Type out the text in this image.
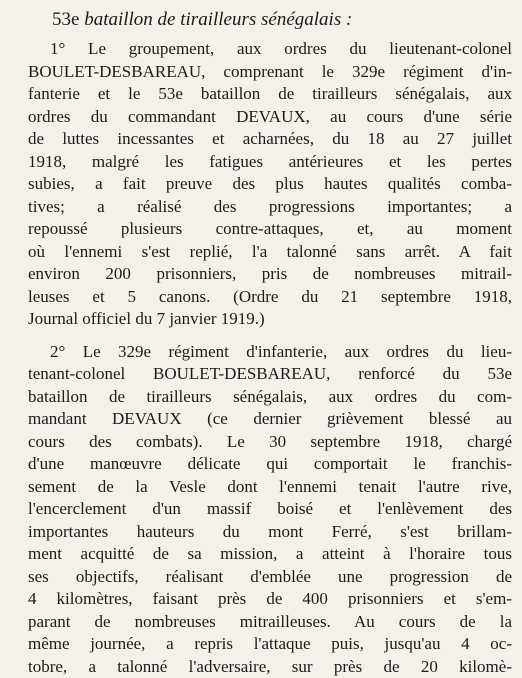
53e bataillon de tirailleurs sénégalais :

1° Le groupement, aux ordres du lieutenant-colonel
BOULET-DESBAREAU, comprenant le 329e régiment d'in-
fanterie et le 53e bataillon de tirailleurs sénégalais, aux
ordres du commandant DEVAUX, au cours d'une série
de luttes incessantes et acharnées, du 18 au 27 juillet
1918, malgré les fatigues antérieures et les pertes
subies, a fait preuve des plus hautes qualités comba-
tives; a réalisé des progressions importantes; a
repoussé plusieurs contre-attaques, et, au moment
où l'ennemi s'est replié, l'a talonné sans arrêt. A fait
environ 200 prisonniers, pris de nombreuses mitrail-
leuses et 5 canons. (Ordre du 21 septembre 1918,
Journal officiel du 7 janvier 1919.)

2° Le 329e régiment d'infanterie, aux ordres du lieu-
tenant-colonel BOULET-DESBAREAU, renforcé du 53e
bataillon de tirailleurs sénégalais, aux ordres du com-
mandant DEVAUX (ce dernier grièvement blessé au
cours des combats). Le 30 septembre 1918, chargé
d'une manœuvre délicate qui comportait le franchis-
sement de la Vesle dont l'ennemi tenait l'autre rive,
l'encerclement d'un massif boisé et l'enlèvement des
importantes hauteurs du mont Ferré, s'est brillam-
ment acquitté de sa mission, a atteint à l'horaire tous
ses objectifs, réalisant d'emblée une progression de
4 kilomètres, faisant près de 400 prisonniers et s'em-
parant de nombreuses mitrailleuses. Au cours de la
même journée, a repris l'attaque puis, jusqu'au 4 oc-
tobre, a talonné l'adversaire, sur près de 20 kilomè-
